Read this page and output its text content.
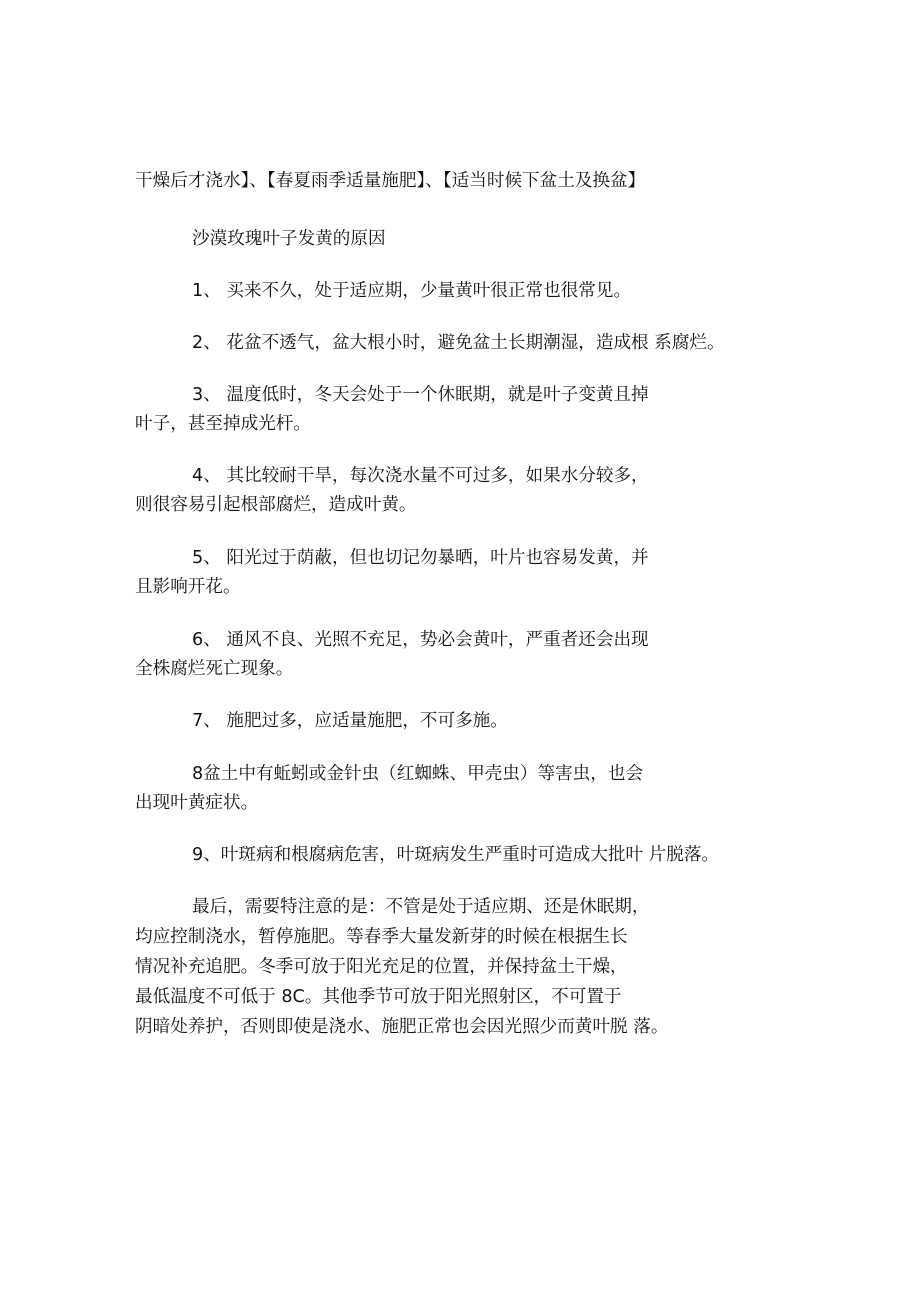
干燥后才浇水】、【春夏雨季适量施肥】、【适当时候下盆土及换盆】
沙漠玫瑰叶子发黄的原因
1、 买来不久，处于适应期，少量黄叶很正常也很常见。
2、 花盆不透气，盆大根小时，避免盆土长期潮湿，造成根 系腐烂。
3、 温度低时，冬天会处于一个休眠期，就是叶子变黄且掉
叶子，甚至掉成光杆。
4、 其比较耐干旱，每次浇水量不可过多，如果水分较多，
则很容易引起根部腐烂，造成叶黄。
5、 阳光过于荫蔽，但也切记勿暴晒，叶片也容易发黄，并
且影响开花。
6、 通风不良、光照不充足，势必会黄叶，严重者还会出现
全株腐烂死亡现象。
7、 施肥过多，应适量施肥，不可多施。
8盆土中有蚯蚓或金针虫（红蜘蛛、甲壳虫）等害虫，也会
出现叶黄症状。
9、叶斑病和根腐病危害，叶斑病发生严重时可造成大批叶 片脱落。
最后，需要特注意的是：不管是处于适应期、还是休眠期，
均应控制浇水，暂停施肥。等春季大量发新芽的时候在根据生长
情况补充追肥。冬季可放于阳光充足的位置，并保持盆土干燥，
最低温度不可低于 8C。其他季节可放于阳光照射区，不可置于
阴暗处养护，否则即使是浇水、施肥正常也会因光照少而黄叶脱 落。
